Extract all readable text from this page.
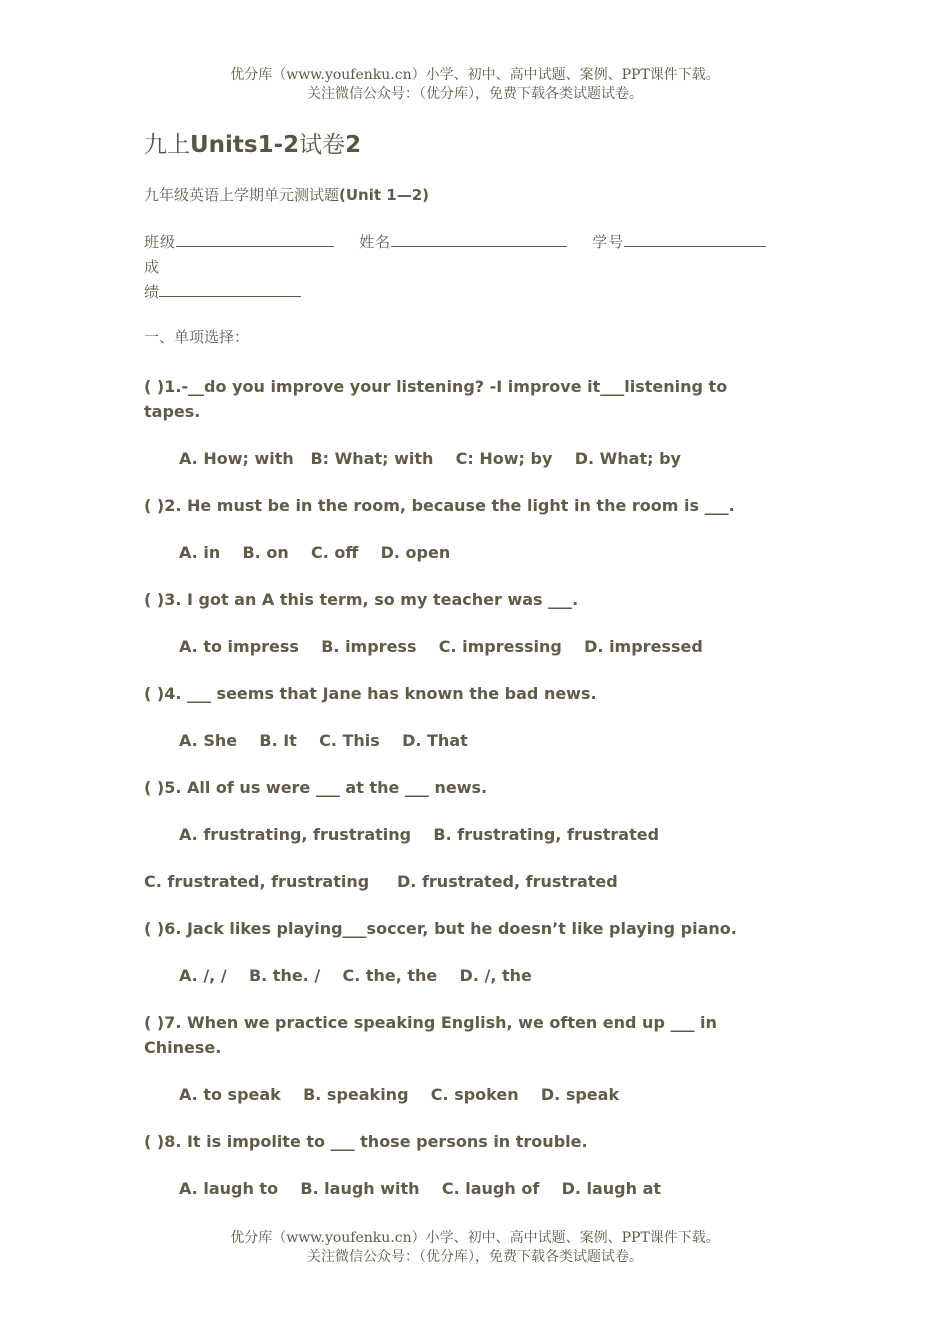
优分库（www.youfenku.cn）小学、初中、高中试题、案例、PPT课件下载。
关注微信公众号：（优分库），免费下载各类试题试卷。
九上Units1-2试卷2
九年级英语上学期单元测试题(Unit 1—2)
班级	姓名	学号    成
绩
一、单项选择：
( )1.-__do you improve your listening? -I improve it___listening to tapes.
A. How; with   B: What; with    C: How; by    D. What; by
( )2. He must be in the room, because the light in the room is ___.
A. in    B. on    C. off    D. open
( )3. I got an A this term, so my teacher was ___.
A. to impress    B. impress    C. impressing    D. impressed
( )4. ___ seems that Jane has known the bad news.
A. She    B. It    C. This    D. That
( )5. All of us were ___ at the ___ news.
A. frustrating, frustrating    B. frustrating, frustrated
C. frustrated, frustrating     D. frustrated, frustrated
( )6. Jack likes playing___soccer, but he doesn’t like playing piano.
A. /, /    B. the. /    C. the, the    D. /, the
( )7. When we practice speaking English, we often end up ___ in Chinese.
A. to speak    B. speaking    C. spoken    D. speak
( )8. It is impolite to ___ those persons in trouble.
A. laugh to    B. laugh with    C. laugh of    D. laugh at
优分库（www.youfenku.cn）小学、初中、高中试题、案例、PPT课件下载。
关注微信公众号：（优分库），免费下载各类试题试卷。
